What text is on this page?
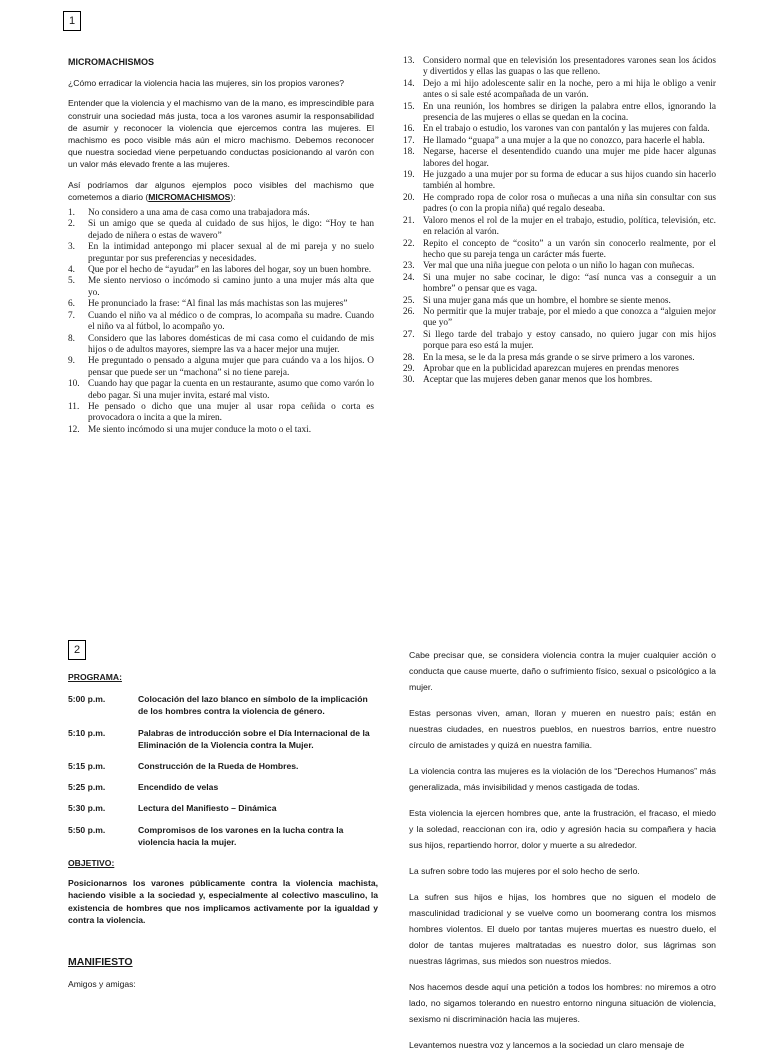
1
MICROMACHISMOS
¿Cómo erradicar la violencia hacia las mujeres, sin los propios varones?
Entender que la violencia y el machismo van de la mano, es imprescindible para construir una sociedad más justa, toca a los varones asumir la responsabilidad de asumir y reconocer la violencia que ejercemos contra las mujeres. El machismo es poco visible más aún el micro machismo. Debemos reconocer que nuestra sociedad viene perpetuando conductas posicionando al varón con un valor más elevado frente a las mujeres.
Así podríamos dar algunos ejemplos poco visibles del machismo que cometemos a diario (MICROMACHISMOS):
1. No considero a una ama de casa como una trabajadora más.
2. Si un amigo que se queda al cuidado de sus hijos, le digo: “Hoy te han dejado de niñera o estas de wavero”
3. En la intimidad antepongo mi placer sexual al de mi pareja y no suelo preguntar por sus preferencias y necesidades.
4. Que por el hecho de “ayudar” en las labores del hogar, soy un buen hombre.
5. Me siento nervioso o incómodo si camino junto a una mujer más alta que yo.
6. He pronunciado la frase: “Al final las más machistas son las mujeres”
7. Cuando el niño va al médico o de compras, lo acompaña su madre. Cuando el niño va al fútbol, lo acompaño yo.
8. Considero que las labores domésticas de mi casa como el cuidando de mis hijos o de adultos mayores, siempre las va a hacer mejor una mujer.
9. He preguntado o pensado a alguna mujer que para cuándo va a los hijos. O pensar que puede ser un “machona” si no tiene pareja.
10. Cuando hay que pagar la cuenta en un restaurante, asumo que como varón lo debo pagar. Si una mujer invita, estaré mal visto.
11. He pensado o dicho que una mujer al usar ropa ceñida o corta es provocadora o incita a que la miren.
12. Me siento incómodo si una mujer conduce la moto o el taxi.
13. Considero normal que en televisión los presentadores varones sean los ácidos y divertidos y ellas las guapas o las que relleno.
14. Dejo a mi hijo adolescente salir en la noche, pero a mi hija le obligo a venir antes o si sale esté acompañada de un varón.
15. En una reunión, los hombres se dirigen la palabra entre ellos, ignorando la presencia de las mujeres o ellas se quedan en la cocina.
16. En el trabajo o estudio, los varones van con pantalón y las mujeres con falda.
17. He llamado “guapa” a una mujer a la que no conozco, para hacerle el habla.
18. Negarse, hacerse el desentendido cuando una mujer me pide hacer algunas labores del hogar.
19. He juzgado a una mujer por su forma de educar a sus hijos cuando sin hacerlo también al hombre.
20. He comprado ropa de color rosa o muñecas a una niña sin consultar con sus padres (o con la propia niña) qué regalo deseaba.
21. Valoro menos el rol de la mujer en el trabajo, estudio, política, televisión, etc. en relación al varón.
22. Repito el concepto de “cosito” a un varón sin conocerlo realmente, por el hecho que su pareja tenga un carácter más fuerte.
23. Ver mal que una niña juegue con pelota o un niño lo hagan con muñecas.
24. Si una mujer no sabe cocinar, le digo: “así nunca vas a conseguir a un hombre” o pensar que es vaga.
25. Si una mujer gana más que un hombre, el hombre se siente menos.
26. No permitir que la mujer trabaje, por el miedo a que conozca a “alguien mejor que yo”
27. Si llego tarde del trabajo y estoy cansado, no quiero jugar con mis hijos porque para eso está la mujer.
28. En la mesa, se le da la presa más grande o se sirve primero a los varones.
29. Aprobar que en la publicidad aparezcan mujeres en prendas menores
30. Aceptar que las mujeres deben ganar menos que los hombres.
2
PROGRAMA:
5:00 p.m.	Colocación del lazo blanco en símbolo de la implicación de los hombres contra la violencia de género.
5:10 p.m.	Palabras de introducción sobre el Día Internacional de la Eliminación de la Violencia contra la Mujer.
5:15 p.m.	Construcción de la Rueda de Hombres.
5:25 p.m.	Encendido de velas
5:30 p.m.	Lectura del Manifiesto – Dinámica
5:50 p.m.	Compromisos de los varones en la lucha contra la violencia hacia la mujer.
OBJETIVO:
Posicionarnos los varones públicamente contra la violencia machista, haciendo visible a la sociedad y, especialmente al colectivo masculino, la existencia de hombres que nos implicamos activamente por la igualdad y contra la violencia.
MANIFIESTO
Amigos y amigas:
Cabe precisar que, se considera violencia contra la mujer cualquier acción o conducta que cause muerte, daño o sufrimiento físico, sexual o psicológico a la mujer.
Estas personas viven, aman, lloran y mueren en nuestro país; están en nuestras ciudades, en nuestros pueblos, en nuestros barrios, entre nuestro círculo de amistades y quizá en nuestra familia.
La violencia contra las mujeres es la violación de los “Derechos Humanos” más generalizada, más invisibilidad y menos castigada de todas.
Esta violencia la ejercen hombres que, ante la frustración, el fracaso, el miedo y la soledad, reaccionan con ira, odio y agresión hacia su compañera y hacia sus hijos, repartiendo horror, dolor y muerte a su alrededor.
La sufren sobre todo las mujeres por el solo hecho de serlo.
La sufren sus hijos e hijas, los hombres que no siguen el modelo de masculinidad tradicional y se vuelve como un boomerang contra los mismos hombres violentos. El duelo por tantas mujeres muertas es nuestro duelo, el dolor de tantas mujeres maltratadas es nuestro dolor, sus lágrimas son nuestras lágrimas, sus miedos son nuestros miedos.
Nos hacemos desde aquí una petición a todos los hombres: no miremos a otro lado, no sigamos tolerando en nuestro entorno ninguna situación de violencia, sexismo ni discriminación hacia las mujeres.
Levantemos nuestra voz y lancemos a la sociedad un claro mensaje de
